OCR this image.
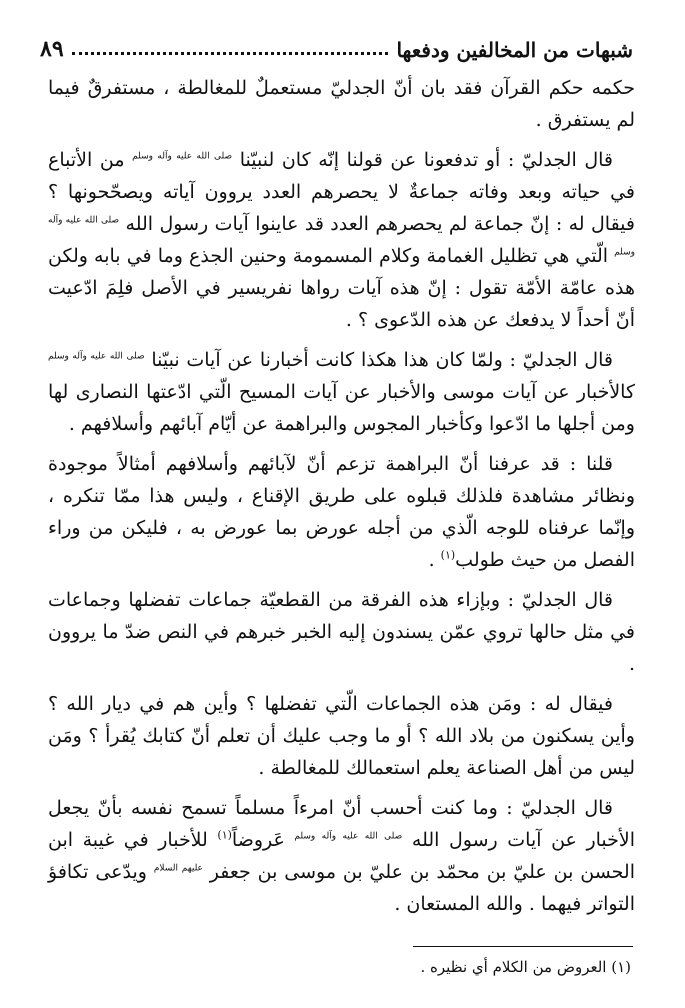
شبهات من المخالفين ودفعها
٨٩

حكمه حكم القرآن فقد بان أنّ الجدليّ مستعملٌ للمغالطة ، مستفرقٌ فيما لم يستفرق .

قال الجدليّ : أو تدفعونا عن قولنا إنّه كان لنبيّنا $^{صلى الله عليه وآله وسلم}$ من الأتباع في حياته وبعد وفاته جماعةٌ لا يحصرهم العدد يروون آياته ويصحّحونها ؟ فيقال له : إنّ جماعة لم يحصرهم العدد قد عاينوا آيات رسول الله $^{صلى الله عليه وآله وسلم}$ الّتي هي تظليل الغمامة وكلام المسمومة وحنين الجذع وما في بابه ولكن هذه عامّة الأمّة تقول : إنّ هذه آيات رواها نفريسير في الأصل فلِمَ ادّعيت أنّ أحداً لا يدفعك عن هذه الدّعوى ؟ .

قال الجدليّ : ولمّا كان هذا هكذا كانت أخبارنا عن آيات نبيّنا $^{صلى الله عليه وآله وسلم}$ كالأخبار عن آيات موسى والأخبار عن آيات المسيح الّتي ادّعتها النصارى لها ومن أجلها ما ادّعوا وكأخبار المجوس والبراهمة عن أيّام آبائهم وأسلافهم .

قلنا : قد عرفنا أنّ البراهمة تزعم أنّ لآبائهم وأسلافهم أمثالاً موجودة ونظائر مشاهدة فلذلك قبلوه على طريق الإقناع ، وليس هذا ممّا تنكره ، وإنّما عرفناه للوجه الّذي من أجله عورض بما عورض به ، فليكن من وراء الفصل من حيث طولب$^{(١)}$ .

قال الجدليّ : وبإزاء هذه الفرقة من القطعيّة جماعات تفضلها وجماعات في مثل حالها تروي عمّن يسندون إليه الخبر خبرهم في النص ضدّ ما يروون .

فيقال له : ومَن هذه الجماعات الّتي تفضلها ؟ وأين هم في ديار الله ؟ وأين يسكنون من بلاد الله ؟ أو ما وجب عليك أن تعلم أنّ كتابك يُقرأ ؟ ومَن ليس من أهل الصناعة يعلم استعمالك للمغالطة .

قال الجدليّ : وما كنت أحسب أنّ امرءاً مسلماً تسمح نفسه بأنّ يجعل الأخبار عن آيات رسول الله $^{صلى الله عليه وآله وسلم}$ عَروضاً$^{(١)}$ للأخبار في غيبة ابن الحسن بن عليّ بن محمّد بن عليّ بن موسى بن جعفر $^{عليهم السلام}$ ويدّعى تكافؤ التواتر فيهما . والله المستعان .

(١) العروض من الكلام أي نظيره .
